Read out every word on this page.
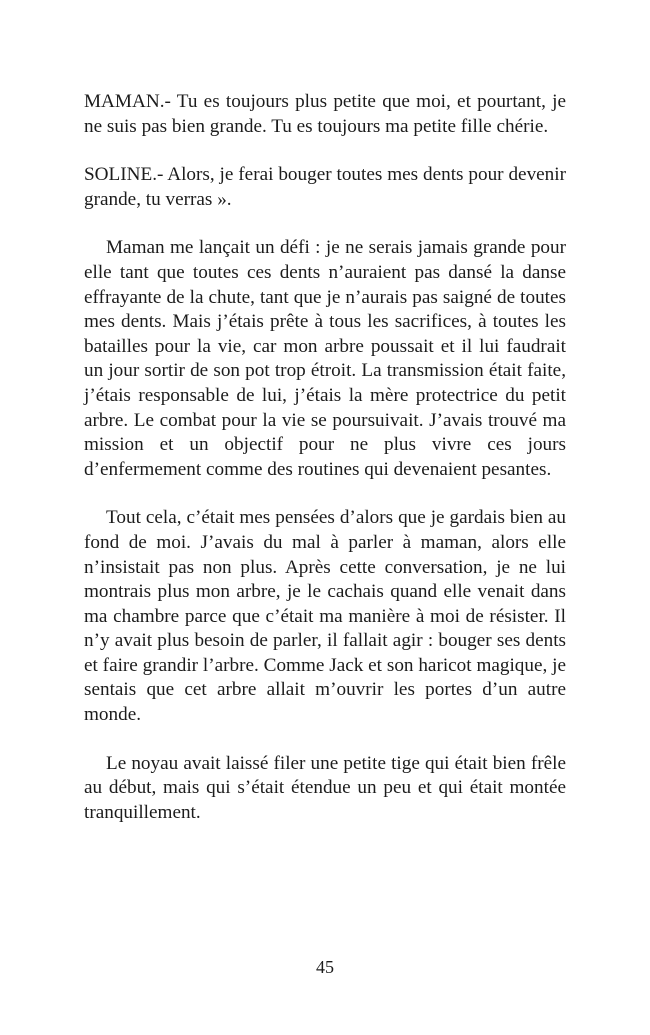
MAMAN.- Tu es toujours plus petite que moi, et pourtant, je ne suis pas bien grande. Tu es toujours ma petite fille chérie.

SOLINE.- Alors, je ferai bouger toutes mes dents pour devenir grande, tu verras ».

Maman me lançait un défi : je ne serais jamais grande pour elle tant que toutes ces dents n’auraient pas dansé la danse effrayante de la chute, tant que je n’aurais pas saigné de toutes mes dents. Mais j’étais prête à tous les sacrifices, à toutes les batailles pour la vie, car mon arbre poussait et il lui faudrait un jour sortir de son pot trop étroit. La transmission était faite, j’étais responsable de lui, j’étais la mère protectrice du petit arbre. Le combat pour la vie se poursuivait. J’avais trouvé ma mission et un objectif pour ne plus vivre ces jours d’enfermement comme des routines qui devenaient pesantes.

Tout cela, c’était mes pensées d’alors que je gardais bien au fond de moi. J’avais du mal à parler à maman, alors elle n’insistait pas non plus. Après cette conversation, je ne lui montrais plus mon arbre, je le cachais quand elle venait dans ma chambre parce que c’était ma manière à moi de résister. Il n’y avait plus besoin de parler, il fallait agir : bouger ses dents et faire grandir l’arbre. Comme Jack et son haricot magique, je sentais que cet arbre allait m’ouvrir les portes d’un autre monde.

Le noyau avait laissé filer une petite tige qui était bien frêle au début, mais qui s’était étendue un peu et qui était montée tranquillement.

45
